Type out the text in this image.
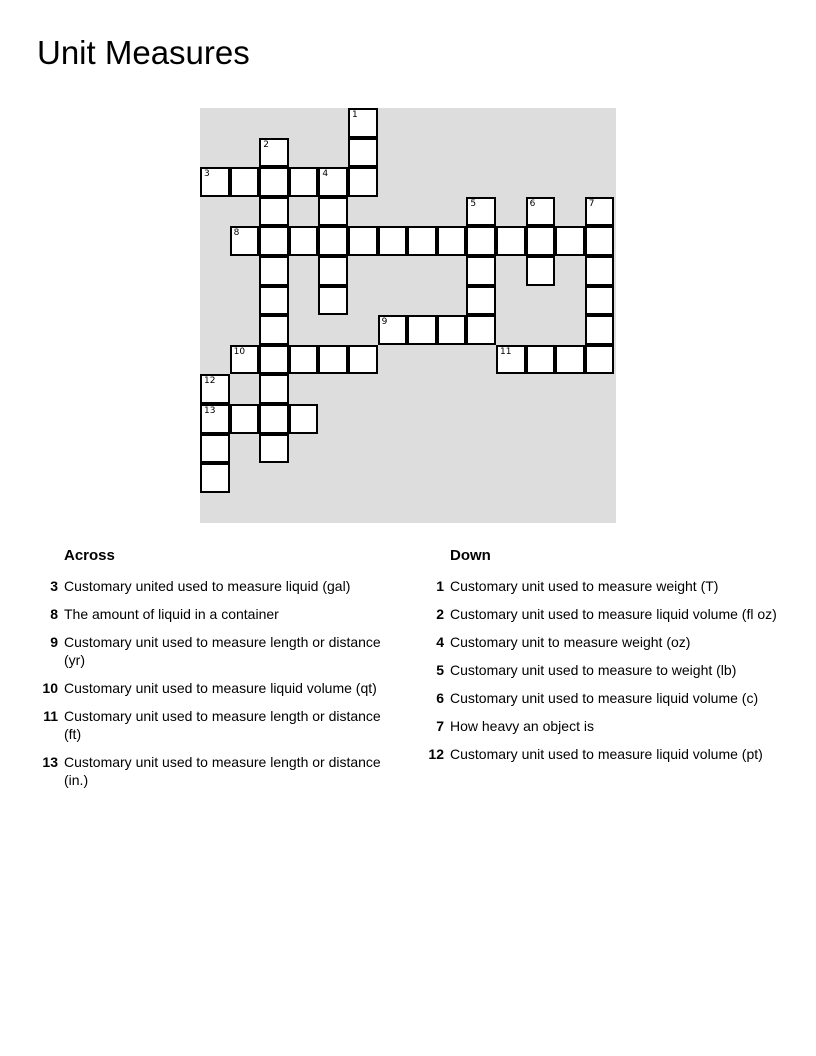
Unit Measures
1
2
3	4
5	6	7
8
9
10	11
12
13
Across
3 Customary united used to measure liquid (gal)
8 The amount of liquid in a container
9 Customary unit used to measure length or distance (yr)
10 Customary unit used to measure liquid volume (qt)
11 Customary unit used to measure length or distance (ft)
13 Customary unit used to measure length or distance (in.)
Down
1 Customary unit used to measure weight (T)
2 Customary unit used to measure liquid volume (fl oz)
4 Customary unit to measure weight (oz)
5 Customary unit used to measure to weight (lb)
6 Customary unit used to measure liquid volume (c)
7 How heavy an object is
12 Customary unit used to measure liquid volume (pt)
